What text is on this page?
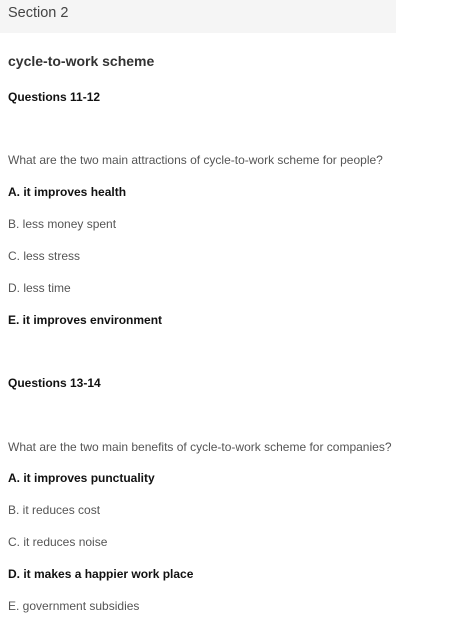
Section 2
cycle-to-work scheme
Questions 11-12
What are the two main attractions of cycle-to-work scheme for people?
A. it improves health
B. less money spent
C. less stress
D. less time
E. it improves environment
Questions 13-14
What are the two main benefits of cycle-to-work scheme for companies?
A. it improves punctuality
B. it reduces cost
C. it reduces noise
D. it makes a happier work place
E. government subsidies
